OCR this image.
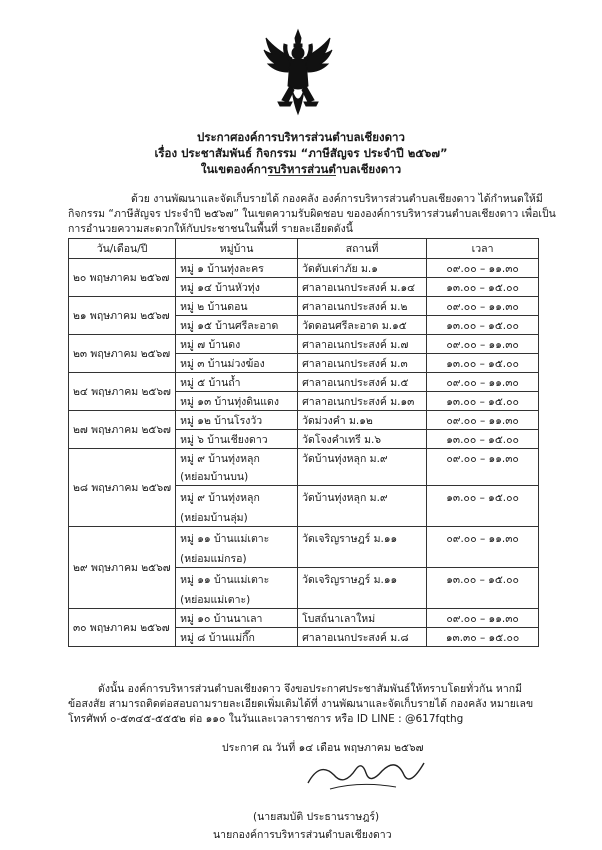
ประกาศองค์การบริหารส่วนตำบลเชียงดาว
เรื่อง ประชาสัมพันธ์ กิจกรรม “ภาษีสัญจร ประจำปี ๒๕๖๗”
ในเขตองค์การบริหารส่วนตำบลเชียงดาว
ด้วย งานพัฒนาและจัดเก็บรายได้ กองคลัง องค์การบริหารส่วนตำบลเชียงดาว ได้กำหนดให้มี
กิจกรรม “ภาษีสัญจร ประจำปี ๒๕๖๗” ในเขตความรับผิดชอบ ขององค์การบริหารส่วนตำบลเชียงดาว เพื่อเป็น
การอำนวยความสะดวกให้กับประชาชนในพื้นที่ รายละเอียดดังนี้
วัน/เดือน/ปี	หมู่บ้าน	สถานที่	เวลา
๒๐ พฤษภาคม ๒๕๖๗	หมู่ ๑ บ้านทุ่งละคร	วัดตับเต่าภัย ม.๑	๐๙.๐๐ – ๑๑.๓๐
	หมู่ ๑๔ บ้านหัวทุ่ง	ศาลาอเนกประสงค์ ม.๑๔	๑๓.๐๐ – ๑๕.๐๐
๒๑ พฤษภาคม ๒๕๖๗	หมู่ ๒ บ้านดอน	ศาลาอเนกประสงค์ ม.๒	๐๙.๐๐ – ๑๑.๓๐
	หมู่ ๑๕ บ้านศรีละอาด	วัดดอนศรีละอาด ม.๑๕	๑๓.๐๐ – ๑๕.๐๐
๒๓ พฤษภาคม ๒๕๖๗	หมู่ ๗ บ้านดง	ศาลาอเนกประสงค์ ม.๗	๐๙.๐๐ – ๑๑.๓๐
	หมู่ ๓ บ้านม่วงฆ้อง	ศาลาอเนกประสงค์ ม.๓	๑๓.๐๐ – ๑๕.๐๐
๒๔ พฤษภาคม ๒๕๖๗	หมู่ ๕ บ้านถ้ำ	ศาลาอเนกประสงค์ ม.๕	๐๙.๐๐ – ๑๑.๓๐
	หมู่ ๑๓ บ้านทุ่งดินแดง	ศาลาอเนกประสงค์ ม.๑๓	๑๓.๐๐ – ๑๕.๐๐
๒๗ พฤษภาคม ๒๕๖๗	หมู่ ๑๒ บ้านโรงวัว	วัดม่วงคำ ม.๑๒	๐๙.๐๐ – ๑๑.๓๐
	หมู่ ๖ บ้านเชียงดาว	วัดโจงคำเทรี ม.๖	๑๓.๐๐ – ๑๕.๐๐
๒๘ พฤษภาคม ๒๕๖๗	หมู่ ๙ บ้านทุ่งหลุก	วัดบ้านทุ่งหลุก ม.๙	๐๙.๐๐ – ๑๑.๓๐
	(หย่อมบ้านบน)		
	หมู่ ๙ บ้านทุ่งหลุก	วัดบ้านทุ่งหลุก ม.๙	๑๓.๐๐ – ๑๕.๐๐
	(หย่อมบ้านลุ่ม)		
๒๙ พฤษภาคม ๒๕๖๗	หมู่ ๑๑ บ้านแม่เตาะ	วัดเจริญราษฎร์ ม.๑๑	๐๙.๐๐ – ๑๑.๓๐
	(หย่อมแม่กรอ)		
	หมู่ ๑๑ บ้านแม่เตาะ	วัดเจริญราษฎร์ ม.๑๑	๑๓.๐๐ – ๑๕.๐๐
	(หย่อมแม่เตาะ)		
๓๐ พฤษภาคม ๒๕๖๗	หมู่ ๑๐ บ้านนาเลา	โบสถ์นาเลาใหม่	๐๙.๐๐ – ๑๑.๓๐
	หมู่ ๘ บ้านแม่กึ๊ก	ศาลาอเนกประสงค์ ม.๘	๑๓.๓๐ – ๑๕.๐๐
ดังนั้น องค์การบริหารส่วนตำบลเชียงดาว จึงขอประกาศประชาสัมพันธ์ให้ทราบโดยทั่วกัน หากมี
ข้อสงสัย สามารถติดต่อสอบถามรายละเอียดเพิ่มเติมได้ที่ งานพัฒนาและจัดเก็บรายได้ กองคลัง หมายเลข
โทรศัพท์ ๐-๕๓๔๕-๕๕๕๒ ต่อ ๑๑๐ ในวันและเวลาราชการ หรือ ID LINE : @617fqthg
ประกาศ ณ วันที่ ๑๔ เดือน พฤษภาคม ๒๕๖๗
(นายสมบัติ ประธานราษฎร์)
นายกองค์การบริหารส่วนตำบลเชียงดาว
